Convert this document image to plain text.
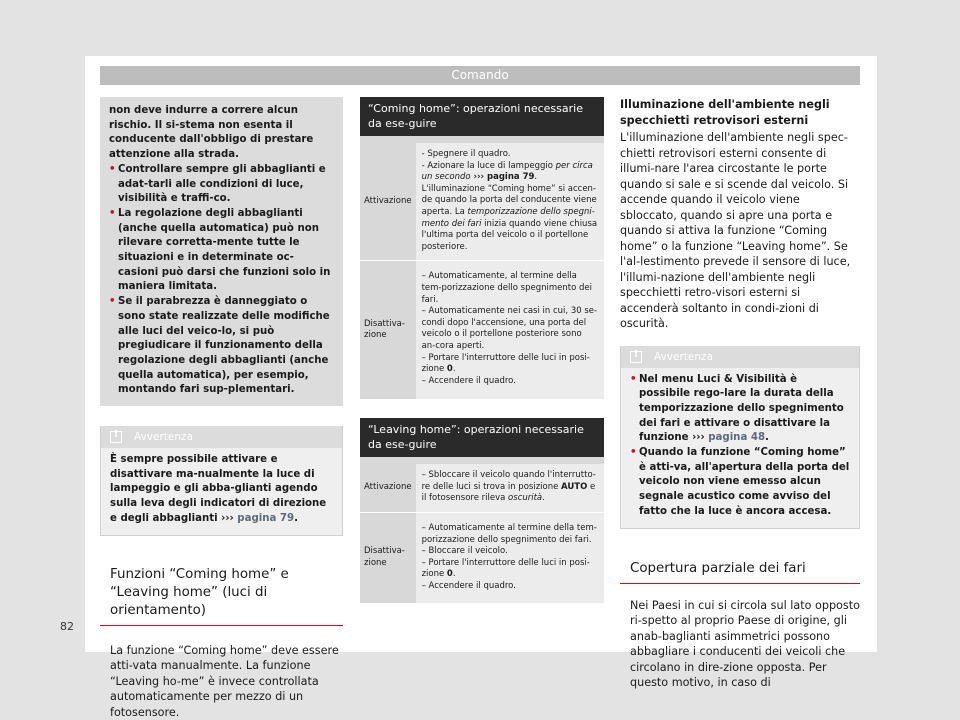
Comando

non deve indurre a correre alcun rischio. Il si-stema non esenta il conducente dall'obbligo di prestare attenzione alla strada.

• Controllare sempre gli abbaglianti e adat-tarli alle condizioni di luce, visibilità e traffi-co.
• La regolazione degli abbaglianti (anche quella automatica) può non rilevare corretta-mente tutte le situazioni e in determinate oc-casioni può darsi che funzioni solo in maniera limitata.
• Se il parabrezza è danneggiato o sono state realizzate delle modifiche alle luci del veico-lo, si può pregiudicare il funzionamento della regolazione degli abbaglianti (anche quella automatica), per esempio, montando fari sup-plementari.
!
Avvertenza
È sempre possibile attivare e disattivare ma-nualmente la luce di lampeggio e gli abba-glianti agendo sulla leva degli indicatori di direzione e degli abbaglianti ››› pagina 79.
Funzioni “Coming home” e “Leaving home” (luci di orientamento)

La funzione “Coming home” deve essere atti-vata manualmente. La funzione “Leaving ho-me” è invece controllata automaticamente per mezzo di un fotosensore.

“Coming home”: operazioni necessarie da ese-guire	

Attivazione	- Spegnere il quadro.
- Azionare la luce di lampeggio per circa un secondo ››› pagina 79.
L'illuminazione “Coming home” si accen-de quando la porta del conducente viene aperta. La temporizzazione dello spegni-mento dei fari inizia quando viene chiusa l'ultima porta del veicolo o il portellone posteriore.
Disattiva-zione	– Automaticamente, al termine della tem-porizzazione dello spegnimento dei fari.
– Automaticamente nei casi in cui, 30 se-condi dopo l'accensione, una porta del veicolo o il portellone posteriore sono an-cora aperti.
– Portare l'interruttore delle luci in posi-zione 0.
– Accendere il quadro.
“Leaving home”: operazioni necessarie da ese-guire	

Attivazione	– Sbloccare il veicolo quando l'interrutto-re delle luci si trova in posizione AUTO e il fotosensore rileva oscurità.
Disattiva-zione	– Automaticamente al termine della tem-porizzazione dello spegnimento dei fari.
– Bloccare il veicolo.
– Portare l'interruttore delle luci in posi-zione 0.
– Accendere il quadro.
Illuminazione dell'ambiente negli specchietti retrovisori esterni

L'illuminazione dell'ambiente negli spec-chietti retrovisori esterni consente di illumi-nare l'area circostante le porte quando si sale e si scende dal veicolo. Si accende quando il veicolo viene sbloccato, quando si apre una porta e quando si attiva la funzione “Coming home” o la funzione “Leaving home”. Se l'al-lestimento prevede il sensore di luce, l'illumi-nazione dell'ambiente negli specchietti retro-visori esterni si accenderà soltanto in condi-zioni di oscurità.

!
Avvertenza
• Nel menu Luci & Visibilità è possibile rego-lare la durata della temporizzazione dello spegnimento dei fari e attivare o disattivare la funzione ››› pagina 48.
• Quando la funzione “Coming home” è atti-va, all'apertura della porta del veicolo non viene emesso alcun segnale acustico come avviso del fatto che la luce è ancora accesa.
Copertura parziale dei fari

Nei Paesi in cui si circola sul lato opposto ri-spetto al proprio Paese di origine, gli anab-baglianti asimmetrici possono abbagliare i conducenti dei veicoli che circolano in dire-zione opposta. Per questo motivo, in caso di

82
